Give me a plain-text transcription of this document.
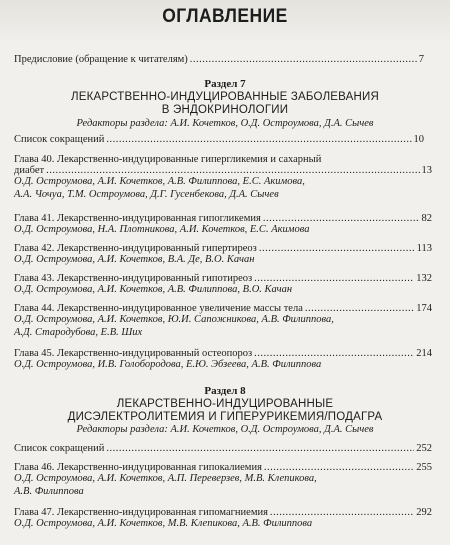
ОГЛАВЛЕНИЕ
Предисловие (обращение к читателям) .....	7
Раздел 7
ЛЕКАРСТВЕННО-ИНДУЦИРОВАННЫЕ ЗАБОЛЕВАНИЯ
В ЭНДОКРИНОЛОГИИ
Редакторы раздела: А.И. Кочетков, О.Д. Остроумова, Д.А. Сычев
Список сокращений .....	10
Глава 40. Лекарственно-индуцированные гипергликемия и сахарный
диабет .....	13
О.Д. Остроумова, А.И. Кочетков, А.В. Филиппова, Е.С. Акимова,
А.А. Чочуа, Т.М. Остроумова, Д.Г. Гусенбекова, Д.А. Сычев
Глава 41. Лекарственно-индуцированная гипогликемия .....	82
О.Д. Остроумова, Н.А. Плотникова, А.И. Кочетков, Е.С. Акимова
Глава 42. Лекарственно-индуцированный гипертиреоз .....	113
О.Д. Остроумова, А.И. Кочетков, В.А. Де, В.О. Качан
Глава 43. Лекарственно-индуцированный гипотиреоз .....	132
О.Д. Остроумова, А.И. Кочетков, А.В. Филиппова, В.О. Качан
Глава 44. Лекарственно-индуцированное увеличение массы тела .....	174
О.Д. Остроумова, А.И. Кочетков, Ю.И. Сапожникова, А.В. Филиппова,
А.Д. Стародубова, Е.В. Ших
Глава 45. Лекарственно-индуцированный остеопороз .....	214
О.Д. Остроумова, И.В. Голобородова, Е.Ю. Эбзеева, А.В. Филиппова
Раздел 8
ЛЕКАРСТВЕННО-ИНДУЦИРОВАННЫЕ
ДИСЭЛЕКТРОЛИТЕМИЯ И ГИПЕРУРИКЕМИЯ/ПОДАГРА
Редакторы раздела: А.И. Кочетков, О.Д. Остроумова, Д.А. Сычев
Список сокращений .....	252
Глава 46. Лекарственно-индуцированная гипокалиемия .....	255
О.Д. Остроумова, А.И. Кочетков, А.П. Переверзев, М.В. Клепикова,
А.В. Филиппова
Глава 47. Лекарственно-индуцированная гипомагниемия .....	292
О.Д. Остроумова, А.И. Кочетков, М.В. Клепикова, А.В. Филиппова
